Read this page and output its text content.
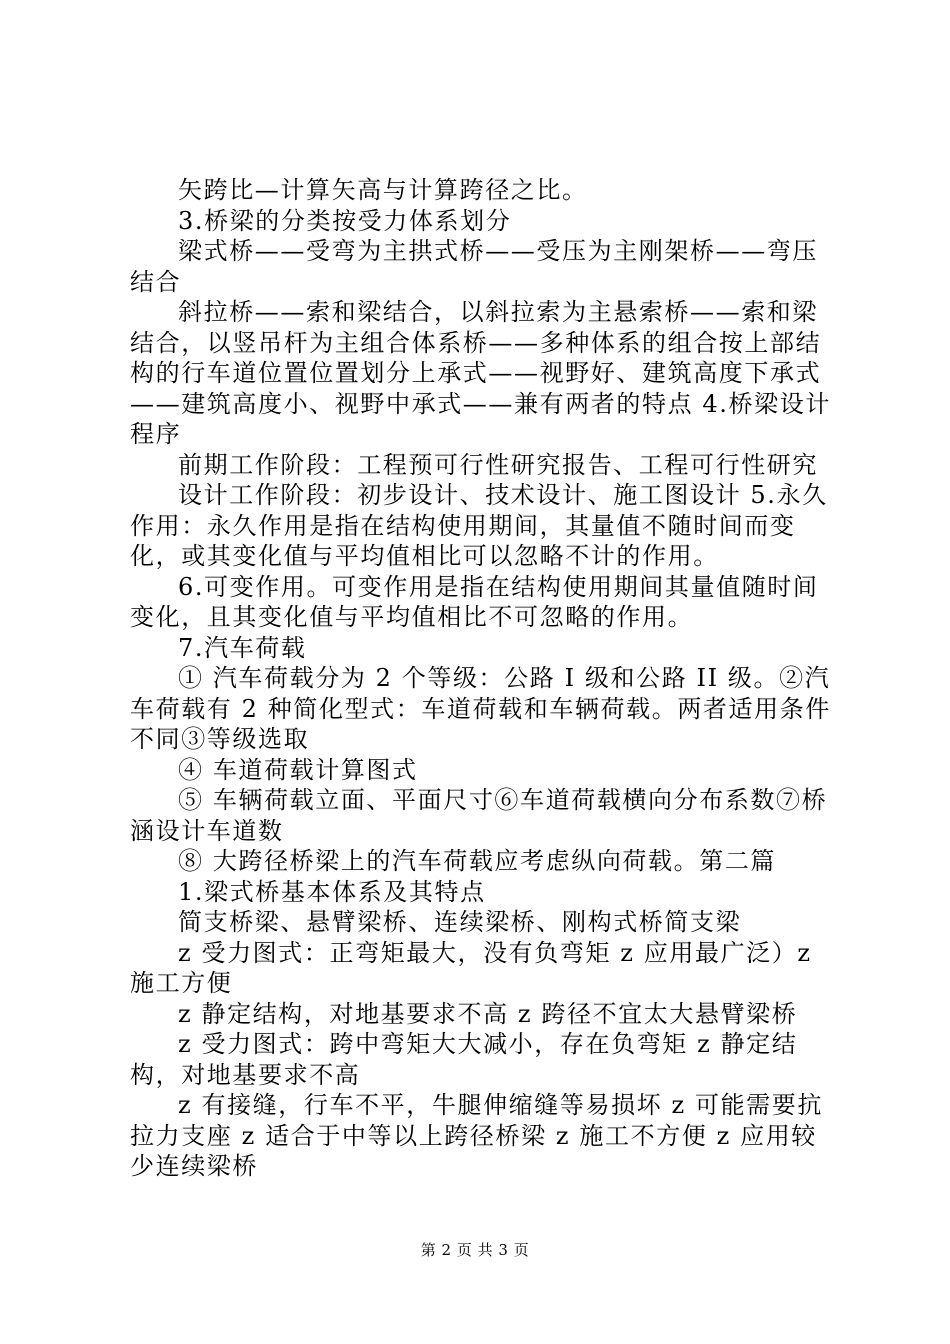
矢跨比—计算矢高与计算跨径之比。

3.桥梁的分类按受力体系划分

梁式桥——受弯为主拱式桥——受压为主刚架桥——弯压结合

斜拉桥——索和梁结合，以斜拉索为主悬索桥——索和梁结合，以竖吊杆为主组合体系桥——多种体系的组合按上部结构的行车道位置位置划分上承式——视野好、建筑高度下承式——建筑高度小、视野中承式——兼有两者的特点 4.桥梁设计程序

前期工作阶段：工程预可行性研究报告、工程可行性研究

设计工作阶段：初步设计、技术设计、施工图设计 5.永久作用：永久作用是指在结构使用期间，其量值不随时间而变化，或其变化值与平均值相比可以忽略不计的作用。

6.可变作用。可变作用是指在结构使用期间其量值随时间变化，且其变化值与平均值相比不可忽略的作用。

7.汽车荷载

① 汽车荷载分为 2 个等级：公路 I 级和公路 II 级。②汽车荷载有 2 种简化型式：车道荷载和车辆荷载。两者适用条件不同③等级选取

④ 车道荷载计算图式

⑤ 车辆荷载立面、平面尺寸⑥车道荷载横向分布系数⑦桥涵设计车道数

⑧ 大跨径桥梁上的汽车荷载应考虑纵向荷载。第二篇

1.梁式桥基本体系及其特点

简支桥梁、悬臂梁桥、连续梁桥、刚构式桥简支梁

z 受力图式：正弯矩最大，没有负弯矩 z 应用最广泛）z 施工方便

z 静定结构，对地基要求不高 z 跨径不宜太大悬臂梁桥

z 受力图式：跨中弯矩大大减小，存在负弯矩 z 静定结构，对地基要求不高

z 有接缝，行车不平，牛腿伸缩缝等易损坏 z 可能需要抗拉力支座 z 适合于中等以上跨径桥梁 z 施工不方便 z 应用较少连续梁桥

第 2 页 共 3 页
